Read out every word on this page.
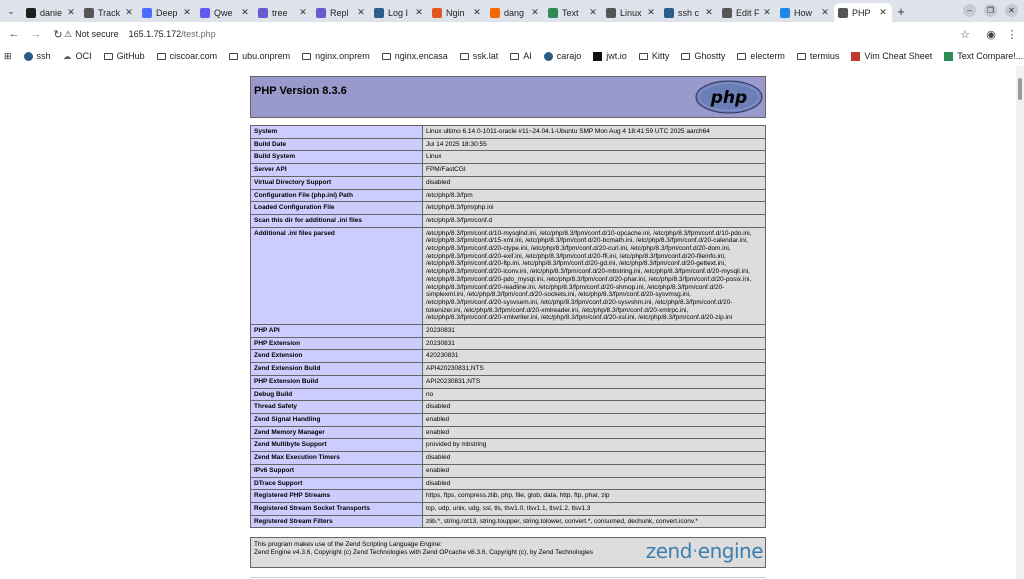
⌄	danie ✕	Track ✕	Deep ✕	Qwe ✕	tree	✕	Repl ✕	Log I ✕	Ngin ✕	dang ✕	Text	✕	Linux ✕	ssh c ✕	Edit F ✕	How	✕	PHP ✕ +	–	❐	✕
← →	↻ ⚠ Not secure 165.1.75.172 /test.php	☆ ◉ ⋮
⊞	ssh ☁ OCI	GitHub	ciscoar.com	ubu.onprem	nginx.onprem	nginx.encasa	ssk.lat	AI	carajo	jwt.io	Kitty	Ghostty	electerm	termius	Vim Cheat Sheet	Text Compare!...
PHP Version 8.3.6	php
System	Linux ultimo 6.14.0-1011-oracle #11~24.04.1-Ubuntu SMP Mon Aug 4 18:41:59 UTC 2025 aarch64
Build Date	Jul 14 2025 18:30:55
Build System	Linux
Server API	FPM/FastCGI
Virtual Directory Support	disabled
Configuration File (php.ini) Path	/etc/php/8.3/fpm
Loaded Configuration File	/etc/php/8.3/fpm/php.ini
Scan this dir for additional .ini files	/etc/php/8.3/fpm/conf.d
Additional .ini files parsed	/etc/php/8.3/fpm/conf.d/10-mysqlnd.ini, /etc/php/8.3/fpm/conf.d/10-opcache.ini, /etc/php/8.3/fpm/conf.d/10-pdo.ini, /etc/php/8.3/fpm/conf.d/15-xml.ini, /etc/php/8.3/fpm/conf.d/20-bcmath.ini, /etc/php/8.3/fpm/conf.d/20-calendar.ini, /etc/php/8.3/fpm/conf.d/20-ctype.ini, /etc/php/8.3/fpm/conf.d/20-curl.ini, /etc/php/8.3/fpm/conf.d/20-dom.ini, /etc/php/8.3/fpm/conf.d/20-exif.ini, /etc/php/8.3/fpm/conf.d/20-ffi.ini, /etc/php/8.3/fpm/conf.d/20-fileinfo.ini, /etc/php/8.3/fpm/conf.d/20-ftp.ini, /etc/php/8.3/fpm/conf.d/20-gd.ini, /etc/php/8.3/fpm/conf.d/20-gettext.ini, /etc/php/8.3/fpm/conf.d/20-iconv.ini, /etc/php/8.3/fpm/conf.d/20-mbstring.ini, /etc/php/8.3/fpm/conf.d/20-mysqli.ini, /etc/php/8.3/fpm/conf.d/20-pdo_mysql.ini, /etc/php/8.3/fpm/conf.d/20-phar.ini, /etc/php/8.3/fpm/conf.d/20-posix.ini, /etc/php/8.3/fpm/conf.d/20-readline.ini, /etc/php/8.3/fpm/conf.d/20-shmop.ini, /etc/php/8.3/fpm/conf.d/20-simplexml.ini, /etc/php/8.3/fpm/conf.d/20-sockets.ini, /etc/php/8.3/fpm/conf.d/20-sysvmsg.ini, /etc/php/8.3/fpm/conf.d/20-sysvsem.ini, /etc/php/8.3/fpm/conf.d/20-sysvshm.ini, /etc/php/8.3/fpm/conf.d/20-tokenizer.ini, /etc/php/8.3/fpm/conf.d/20-xmlreader.ini, /etc/php/8.3/fpm/conf.d/20-xmlrpc.ini, /etc/php/8.3/fpm/conf.d/20-xmlwriter.ini, /etc/php/8.3/fpm/conf.d/20-xsl.ini, /etc/php/8.3/fpm/conf.d/20-zip.ini
PHP API	20230831
PHP Extension	20230831
Zend Extension	420230831
Zend Extension Build	API420230831,NTS
PHP Extension Build	API20230831,NTS
Debug Build	no
Thread Safety	disabled
Zend Signal Handling	enabled
Zend Memory Manager	enabled
Zend Multibyte Support	provided by mbstring
Zend Max Execution Timers	disabled
IPv6 Support	enabled
DTrace Support	disabled
Registered PHP Streams	https, ftps, compress.zlib, php, file, glob, data, http, ftp, phar, zip
Registered Stream Socket Transports	tcp, udp, unix, udg, ssl, tls, tlsv1.0, tlsv1.1, tlsv1.2, tlsv1.3
Registered Stream Filters	zlib.*, string.rot13, string.toupper, string.tolower, convert.*, consumed, dechunk, convert.iconv.*
This program makes use of the Zend Scripting Language Engine:
Zend Engine v4.3.6, Copyright (c) Zend Technologies with Zend OPcache v8.3.6, Copyright (c), by Zend Technologies	zend·engine
